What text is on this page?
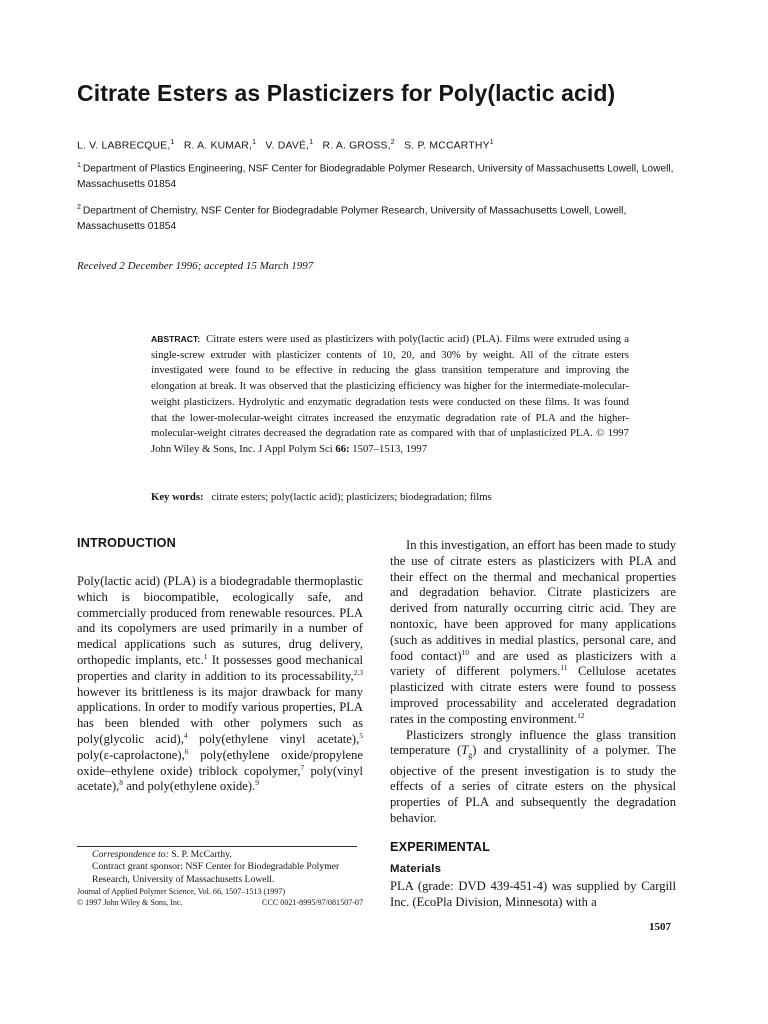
Citrate Esters as Plasticizers for Poly(lactic acid)
L. V. LABRECQUE,$^1$ R. A. KUMAR,$^1$ V. DAVÉ,$^1$ R. A. GROSS,$^2$ S. P. MCCARTHY$^1$
$^1$ Department of Plastics Engineering, NSF Center for Biodegradable Polymer Research, University of Massachusetts Lowell, Lowell, Massachusetts 01854
$^2$ Department of Chemistry, NSF Center for Biodegradable Polymer Research, University of Massachusetts Lowell, Lowell, Massachusetts 01854
Received 2 December 1996; accepted 15 March 1997
ABSTRACT: Citrate esters were used as plasticizers with poly(lactic acid) (PLA). Films were extruded using a single-screw extruder with plasticizer contents of 10, 20, and 30% by weight. All of the citrate esters investigated were found to be effective in reducing the glass transition temperature and improving the elongation at break. It was observed that the plasticizing efficiency was higher for the intermediate-molecular-weight plasticizers. Hydrolytic and enzymatic degradation tests were conducted on these films. It was found that the lower-molecular-weight citrates increased the enzymatic degradation rate of PLA and the higher-molecular-weight citrates decreased the degradation rate as compared with that of unplasticized PLA. © 1997 John Wiley & Sons, Inc. J Appl Polym Sci 66: 1507–1513, 1997
Key words: citrate esters; poly(lactic acid); plasticizers; biodegradation; films
INTRODUCTION

Poly(lactic acid) (PLA) is a biodegradable thermoplastic which is biocompatible, ecologically safe, and commercially produced from renewable resources. PLA and its copolymers are used primarily in a number of medical applications such as sutures, drug delivery, orthopedic implants, etc.$^1$ It possesses good mechanical properties and clarity in addition to its processability,$^{2,3}$ however its brittleness is its major drawback for many applications. In order to modify various properties, PLA has been blended with other polymers such as poly(glycolic acid),$^4$ poly(ethylene vinyl acetate),$^5$ poly(ε-caprolactone),$^6$ poly(ethylene oxide/propylene oxide–ethylene oxide) triblock copolymer,$^7$ poly(vinyl acetate),$^8$ and poly(ethylene oxide).$^9$

Correspondence to: S. P. McCarthy.
Contract grant sponsor: NSF Center for Biodegradable Polymer Research, University of Massachusetts Lowell.
Journal of Applied Polymer Science, Vol. 66, 1507–1513 (1997)
© 1997 John Wiley & Sons, Inc.	CCC 0021-8995/97/081507-07

In this investigation, an effort has been made to study the use of citrate esters as plasticizers with PLA and their effect on the thermal and mechanical properties and degradation behavior. Citrate plasticizers are derived from naturally occurring citric acid. They are nontoxic, have been approved for many applications (such as additives in medial plastics, personal care, and food contact)$^{10}$ and are used as plasticizers with a variety of different polymers.$^{11}$ Cellulose acetates plasticized with citrate esters were found to possess improved processability and accelerated degradation rates in the composting environment.$^{12}$

Plasticizers strongly influence the glass transition temperature $(T_g)$ and crystallinity of a polymer. The objective of the present investigation is to study the effects of a series of citrate esters on the physical properties of PLA and subsequently the degradation behavior.

EXPERIMENTAL
Materials

PLA (grade: DVD 439-451-4) was supplied by Cargill Inc. (EcoPla Division, Minnesota) with a

1507
